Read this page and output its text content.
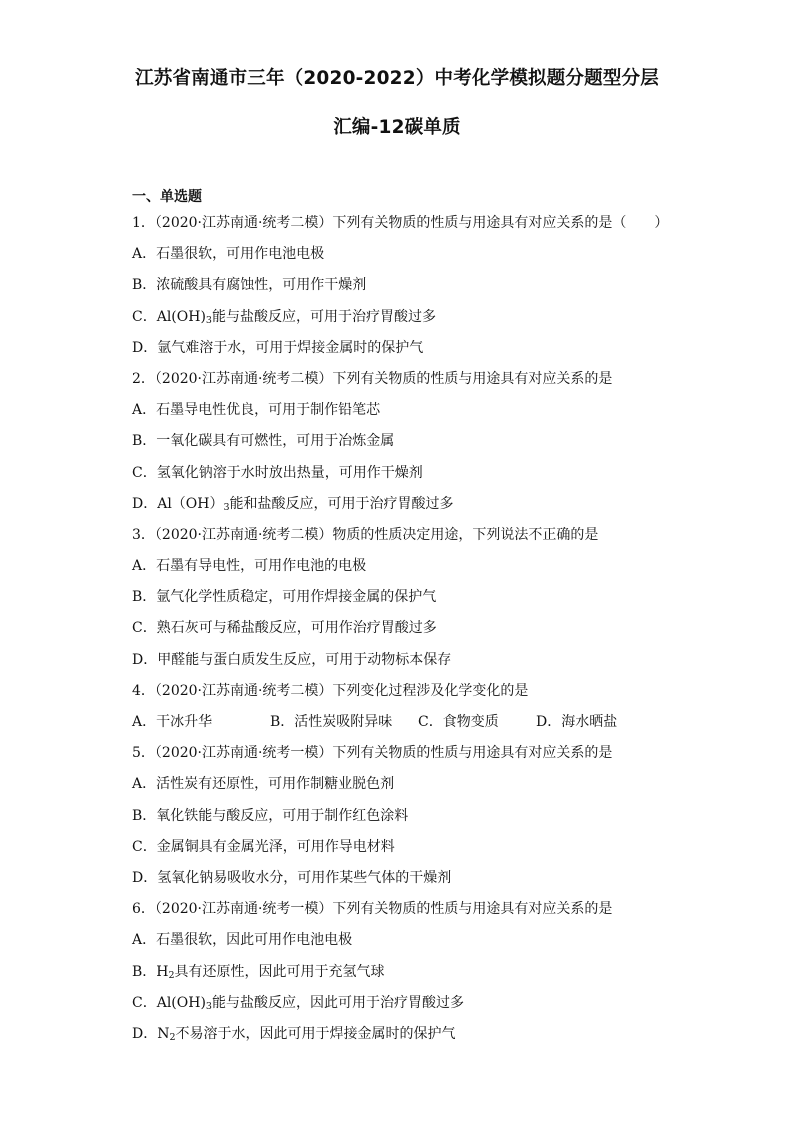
江苏省南通市三年（2020-2022）中考化学模拟题分题型分层
汇编-12碳单质
一、单选题
1．（2020·江苏南通·统考二模）下列有关物质的性质与用途具有对应关系的是（　　）
A．石墨很软，可用作电池电极
B．浓硫酸具有腐蚀性，可用作干燥剂
C．$Al(OH)_3$能与盐酸反应，可用于治疗胃酸过多
D．氩气难溶于水，可用于焊接金属时的保护气
2．（2020·江苏南通·统考二模）下列有关物质的性质与用途具有对应关系的是
A．石墨导电性优良，可用于制作铅笔芯
B．一氧化碳具有可燃性，可用于冶炼金属
C．氢氧化钠溶于水时放出热量，可用作干燥剂
D．$Al(OH)_3$能和盐酸反应，可用于治疗胃酸过多
3．（2020·江苏南通·统考二模）物质的性质决定用途，下列说法不正确的是
A．石墨有导电性，可用作电池的电极
B．氩气化学性质稳定，可用作焊接金属的保护气
C．熟石灰可与稀盐酸反应，可用作治疗胃酸过多
D．甲醛能与蛋白质发生反应，可用于动物标本保存
4．（2020·江苏南通·统考二模）下列变化过程涉及化学变化的是
A．干冰升华	B．活性炭吸附异味	C．食物变质	D．海水晒盐
5．（2020·江苏南通·统考一模）下列有关物质的性质与用途具有对应关系的是
A．活性炭有还原性，可用作制糖业脱色剂
B．氧化铁能与酸反应，可用于制作红色涂料
C．金属铜具有金属光泽，可用作导电材料
D．氢氧化钠易吸收水分，可用作某些气体的干燥剂
6．（2020·江苏南通·统考一模）下列有关物质的性质与用途具有对应关系的是
A．石墨很软，因此可用作电池电极
B．$H_2$具有还原性，因此可用于充氢气球
C．$Al(OH)_3$能与盐酸反应，因此可用于治疗胃酸过多
D．$N_2$不易溶于水，因此可用于焊接金属时的保护气
